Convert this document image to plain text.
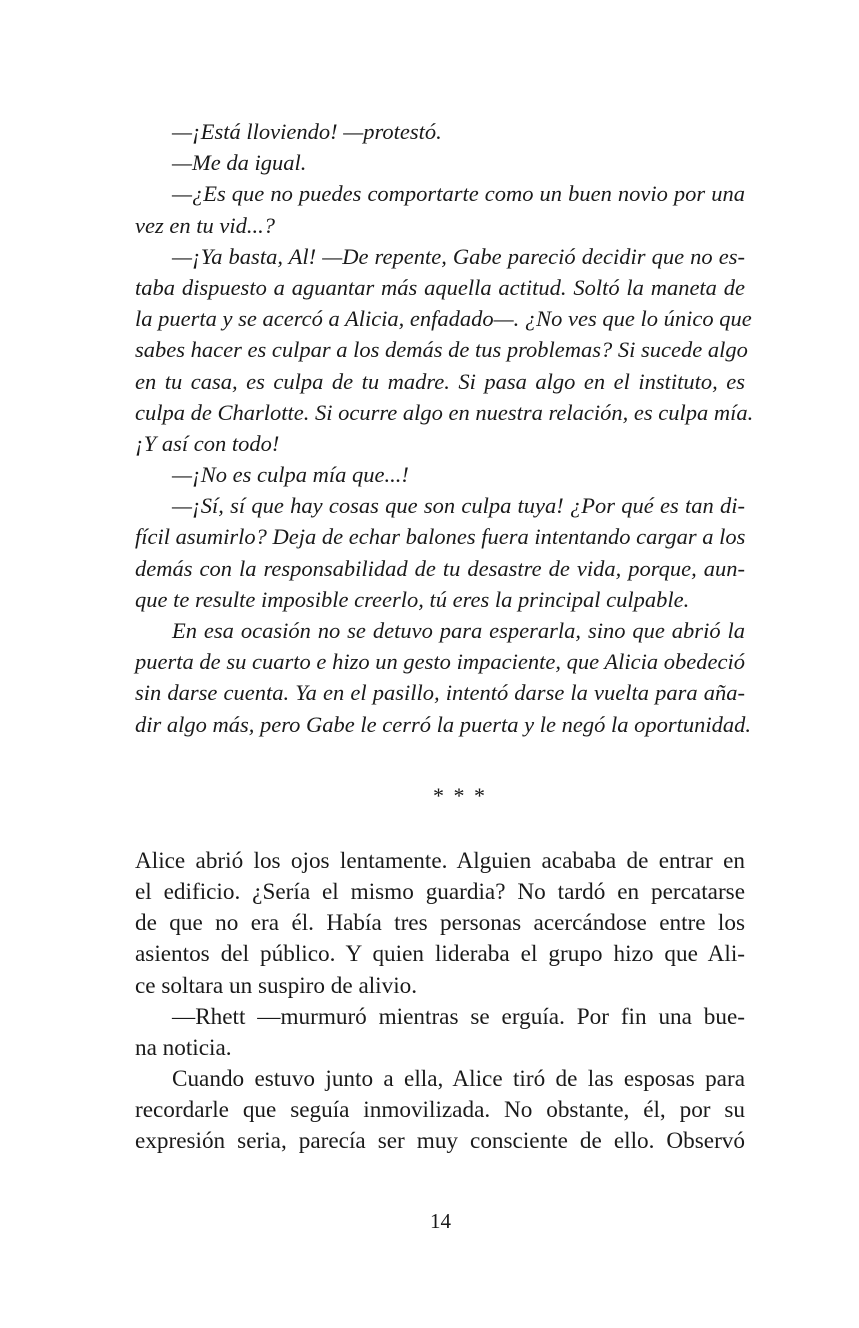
—¡Está lloviendo! —protestó.
—Me da igual.
—¿Es que no puedes comportarte como un buen novio por una
vez en tu vid...?
—¡Ya basta, Al! —De repente, Gabe pareció decidir que no es-
taba dispuesto a aguantar más aquella actitud. Soltó la maneta de
la puerta y se acercó a Alicia, enfadado—. ¿No ves que lo único que
sabes hacer es culpar a los demás de tus problemas? Si sucede algo
en tu casa, es culpa de tu madre. Si pasa algo en el instituto, es
culpa de Charlotte. Si ocurre algo en nuestra relación, es culpa mía.
¡Y así con todo!
—¡No es culpa mía que...!
—¡Sí, sí que hay cosas que son culpa tuya! ¿Por qué es tan di-
fícil asumirlo? Deja de echar balones fuera intentando cargar a los
demás con la responsabilidad de tu desastre de vida, porque, aun-
que te resulte imposible creerlo, tú eres la principal culpable.
En esa ocasión no se detuvo para esperarla, sino que abrió la
puerta de su cuarto e hizo un gesto impaciente, que Alicia obedeció
sin darse cuenta. Ya en el pasillo, intentó darse la vuelta para aña-
dir algo más, pero Gabe le cerró la puerta y le negó la oportunidad.
* * *
Alice abrió los ojos lentamente. Alguien acababa de entrar en
el edificio. ¿Sería el mismo guardia? No tardó en percatarse
de que no era él. Había tres personas acercándose entre los
asientos del público. Y quien lideraba el grupo hizo que Ali-
ce soltara un suspiro de alivio.
—Rhett —murmuró mientras se erguía. Por fin una bue-
na noticia.
Cuando estuvo junto a ella, Alice tiró de las esposas para
recordarle que seguía inmovilizada. No obstante, él, por su
expresión seria, parecía ser muy consciente de ello. Observó
14
